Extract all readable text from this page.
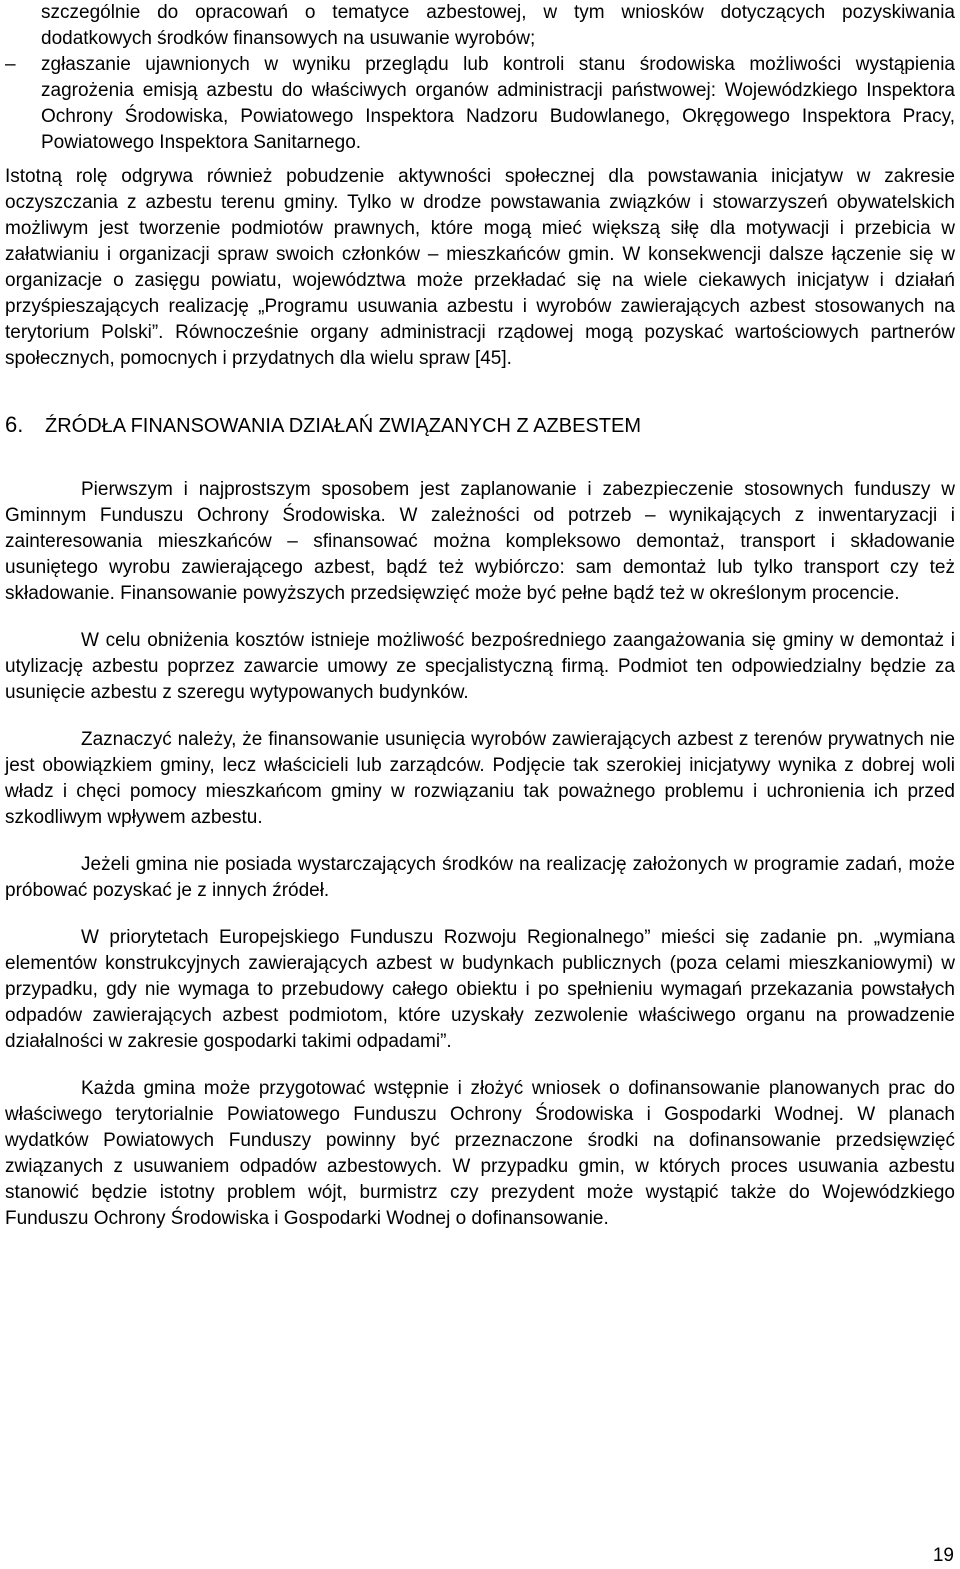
szczególnie do opracowań o tematyce azbestowej, w tym wniosków dotyczących pozyskiwania dodatkowych środków finansowych na usuwanie wyrobów;

– zgłaszanie ujawnionych w wyniku przeglądu lub kontroli stanu środowiska możliwości wystąpienia zagrożenia emisją azbestu do właściwych organów administracji państwowej: Wojewódzkiego Inspektora Ochrony Środowiska, Powiatowego Inspektora Nadzoru Budowlanego, Okręgowego Inspektora Pracy, Powiatowego Inspektora Sanitarnego.

Istotną rolę odgrywa również pobudzenie aktywności społecznej dla powstawania inicjatyw w zakresie oczyszczania z azbestu terenu gminy. Tylko w drodze powstawania związków i stowarzyszeń obywatelskich możliwym jest tworzenie podmiotów prawnych, które mogą mieć większą siłę dla motywacji i przebicia w załatwianiu i organizacji spraw swoich członków – mieszkańców gmin. W konsekwencji dalsze łączenie się w organizacje o zasięgu powiatu, województwa może przekładać się na wiele ciekawych inicjatyw i działań przyśpieszających realizację „Programu usuwania azbestu i wyrobów zawierających azbest stosowanych na terytorium Polski”. Równocześnie organy administracji rządowej mogą pozyskać wartościowych partnerów społecznych, pomocnych i przydatnych dla wielu spraw [45].

6. ŹRÓDŁA FINANSOWANIA DZIAŁAŃ ZWIĄZANYCH Z AZBESTEM

Pierwszym i najprostszym sposobem jest zaplanowanie i zabezpieczenie stosownych funduszy w Gminnym Funduszu Ochrony Środowiska. W zależności od potrzeb – wynikających z inwentaryzacji i zainteresowania mieszkańców – sfinansować można kompleksowo demontaż, transport i składowanie usuniętego wyrobu zawierającego azbest, bądź też wybiórczo: sam demontaż lub tylko transport czy też składowanie. Finansowanie powyższych przedsięwzięć może być pełne bądź też w określonym procencie.

W celu obniżenia kosztów istnieje możliwość bezpośredniego zaangażowania się gminy w demontaż i utylizację azbestu poprzez zawarcie umowy ze specjalistyczną firmą. Podmiot ten odpowiedzialny będzie za usunięcie azbestu z szeregu wytypowanych budynków.

Zaznaczyć należy, że finansowanie usunięcia wyrobów zawierających azbest z terenów prywatnych nie jest obowiązkiem gminy, lecz właścicieli lub zarządców. Podjęcie tak szerokiej inicjatywy wynika z dobrej woli władz i chęci pomocy mieszkańcom gminy w rozwiązaniu tak poważnego problemu i uchronienia ich przed szkodliwym wpływem azbestu.

Jeżeli gmina nie posiada wystarczających środków na realizację założonych w programie zadań, może próbować pozyskać je z innych źródeł.

W priorytetach Europejskiego Funduszu Rozwoju Regionalnego” mieści się zadanie pn. „wymiana elementów konstrukcyjnych zawierających azbest w budynkach publicznych (poza celami mieszkaniowymi) w przypadku, gdy nie wymaga to przebudowy całego obiektu i po spełnieniu wymagań przekazania powstałych odpadów zawierających azbest podmiotom, które uzyskały zezwolenie właściwego organu na prowadzenie działalności w zakresie gospodarki takimi odpadami”.

Każda gmina może przygotować wstępnie i złożyć wniosek o dofinansowanie planowanych prac do właściwego terytorialnie Powiatowego Funduszu Ochrony Środowiska i Gospodarki Wodnej. W planach wydatków Powiatowych Funduszy powinny być przeznaczone środki na dofinansowanie przedsięwzięć związanych z usuwaniem odpadów azbestowych. W przypadku gmin, w których proces usuwania azbestu stanowić będzie istotny problem wójt, burmistrz czy prezydent może wystąpić także do Wojewódzkiego Funduszu Ochrony Środowiska i Gospodarki Wodnej o dofinansowanie.

19
